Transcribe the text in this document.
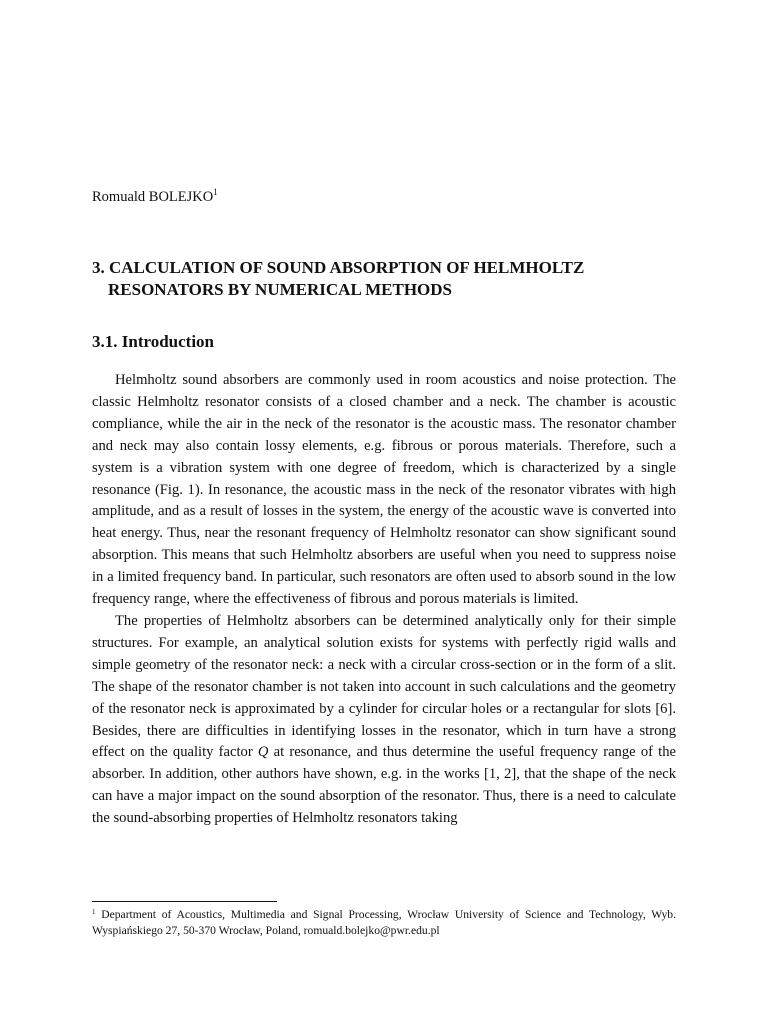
Romuald BOLEJKO$^1$
3. CALCULATION OF SOUND ABSORPTION OF HELMHOLTZ
RESONATORS BY NUMERICAL METHODS
3.1. Introduction

Helmholtz sound absorbers are commonly used in room acoustics and noise protection. The classic Helmholtz resonator consists of a closed chamber and a neck. The chamber is acoustic compliance, while the air in the neck of the resonator is the acoustic mass. The resonator chamber and neck may also contain lossy elements, e.g. fibrous or porous materials. Therefore, such a system is a vibration system with one degree of freedom, which is characterized by a single resonance (Fig. 1). In resonance, the acoustic mass in the neck of the resonator vibrates with high amplitude, and as a result of losses in the system, the energy of the acoustic wave is converted into heat energy. Thus, near the resonant frequency of Helmholtz resonator can show significant sound absorption. This means that such Helmholtz absorbers are useful when you need to suppress noise in a limited frequency band. In particular, such resonators are often used to absorb sound in the low frequency range, where the effectiveness of fibrous and porous materials is limited.

The properties of Helmholtz absorbers can be determined analytically only for their simple structures. For example, an analytical solution exists for systems with perfectly rigid walls and simple geometry of the resonator neck: a neck with a circular cross-section or in the form of a slit. The shape of the resonator chamber is not taken into account in such calculations and the geometry of the resonator neck is approximated by a cylinder for circular holes or a rectangular for slots [6]. Besides, there are difficulties in identifying losses in the resonator, which in turn have a strong effect on the quality factor Q at resonance, and thus determine the useful frequency range of the absorber. In addition, other authors have shown, e.g. in the works [1, 2], that the shape of the neck can have a major impact on the sound absorption of the resonator. Thus, there is a need to calculate the sound-absorbing properties of Helmholtz resonators taking

$^1$ Department of Acoustics, Multimedia and Signal Processing, Wrocław University of Science and Technology, Wyb. Wyspiańskiego 27, 50-370 Wrocław, Poland, romuald.bolejko@pwr.edu.pl
